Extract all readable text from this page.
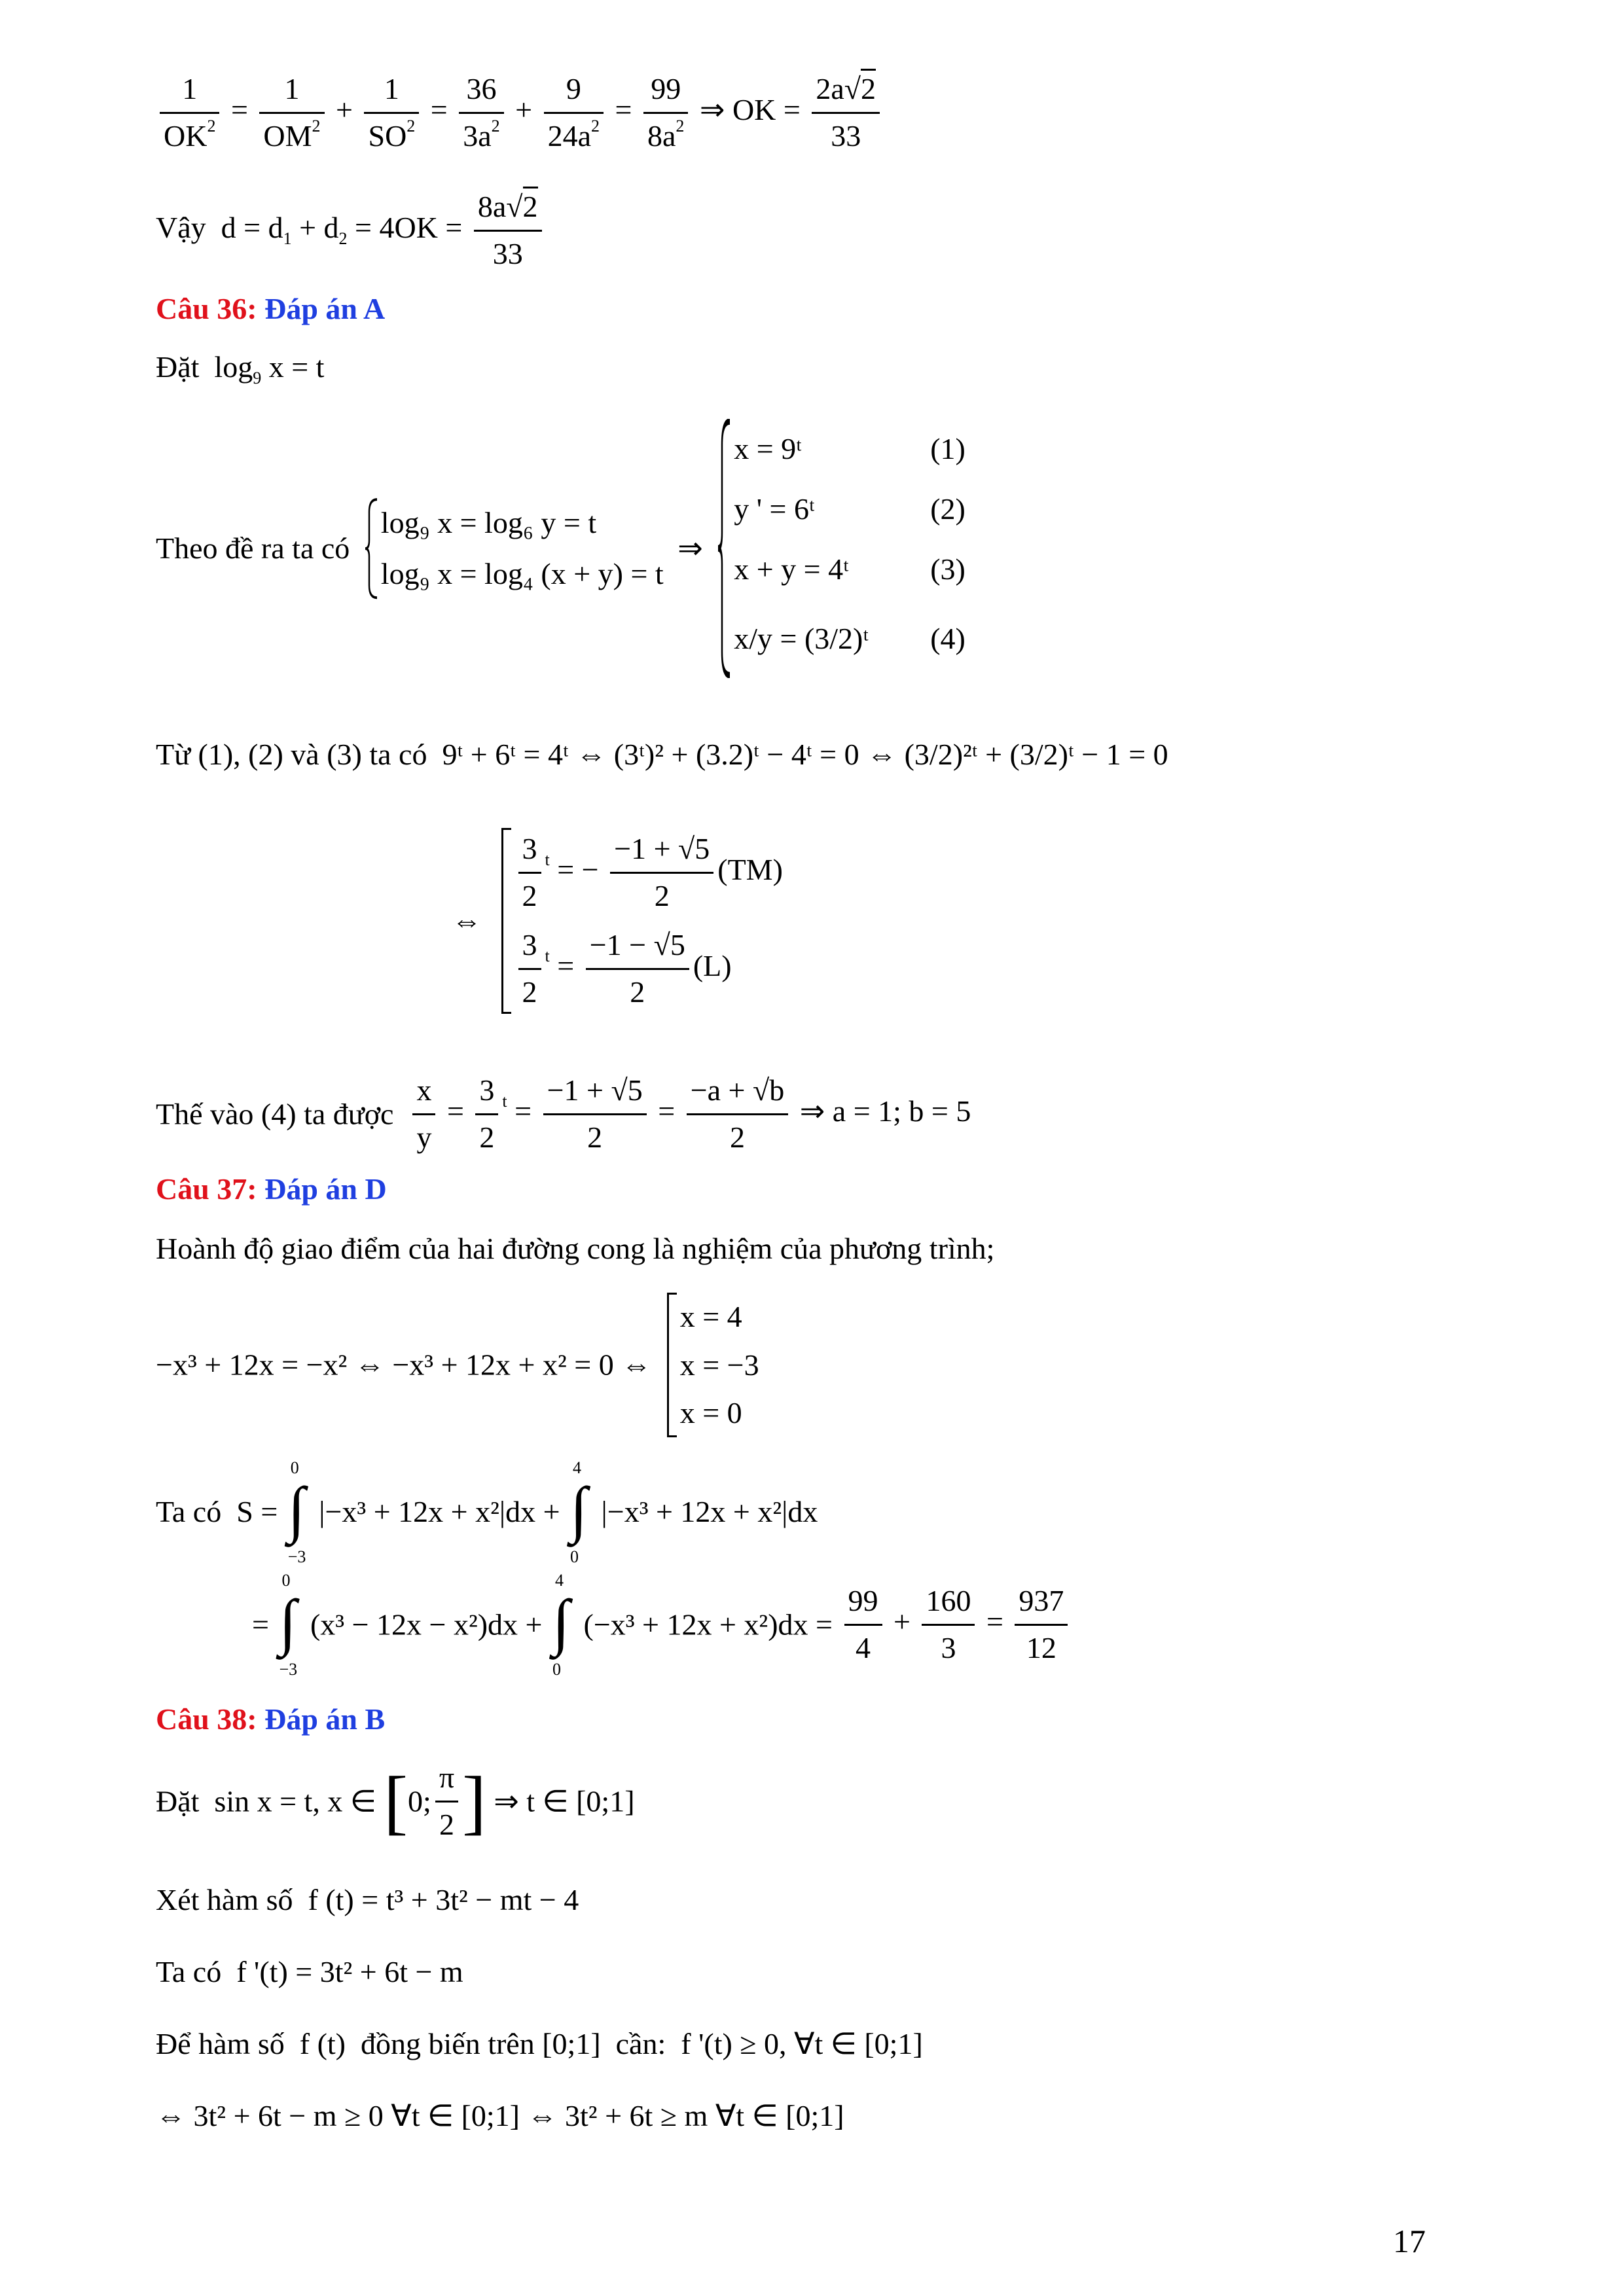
$\frac{1}{OK^2} = \frac{1}{OM^2} + \frac{1}{SO^2} = \frac{36}{3a^2} + \frac{9}{24a^2} = \frac{99}{8a^2}$ ⇒ OK = $\frac{2a√2}{33}$
Vậy $d = d_1 + d_2 = 4OK = \frac{8a√2}{33}$
Câu 36: Đáp án A
Đặt $\log_9 x = t$
Theo đề ra ta có
log₉ x = log₆ y = t
log₉ x = log₄ (x + y) = t
⇒
x = 9ᵗ	(1)
y ' = 6ᵗ	(2)
x + y = 4ᵗ	(3)
x/y = (3/2)ᵗ (4)
Từ (1), (2) và (3) ta có 9ᵗ + 6ᵗ = 4ᵗ ⇔ (3ᵗ)² + (3.2)ᵗ − 4ᵗ = 0 ⇔ (3/2)²ᵗ + (3/2)ᵗ − 1 = 0
⇔
$\frac{3}{2} ^t$ = − $\frac{-1 + √5}{2} (TM)$
$\frac{3}{2} ^t = \frac{-1 - √5}{2} (L)$
Thế vào (4) ta được $\frac{x}{y} = \frac{3}{2} ^t = \frac{-1 + √5}{2} = \frac{-a + √b}{2}$ ⇒ a = 1; b = 5
Câu 37: Đáp án D
Hoành độ giao điểm của hai đường cong là nghiệm của phương trình;
−x³ + 12x = −x² ⇔ −x³ + 12x + x² = 0 ⇔
x = 4
x = −3
x = 0
Ta có S =
0
∫
−3
|−x³ + 12x + x²|dx +
4
∫
0
|−x³ + 12x + x²|dx
=
0
∫
−3
(x³ − 12x − x²)dx +
4
∫
0
$(-x^3 + 12x + x^2)dx = \frac{99}{4} + \frac{160}{3} = \frac{937}{12}$
Câu 38: Đáp án B
Đặt sin x = t, x ∈ [0; $\frac{\pi}{2}$ ] ⇒ t ∈ [0;1]
Xét hàm số f (t) = t³ + 3t² − mt − 4
Ta có f '(t) = 3t² + 6t − m
Để hàm số f (t) đồng biến trên [0;1] cần: f '(t) ≥ 0, ∀t ∈ [0;1]
⇔ 3t² + 6t − m ≥ 0 ∀t ∈ [0;1] ⇔ 3t² + 6t ≥ m ∀t ∈ [0;1]
17
